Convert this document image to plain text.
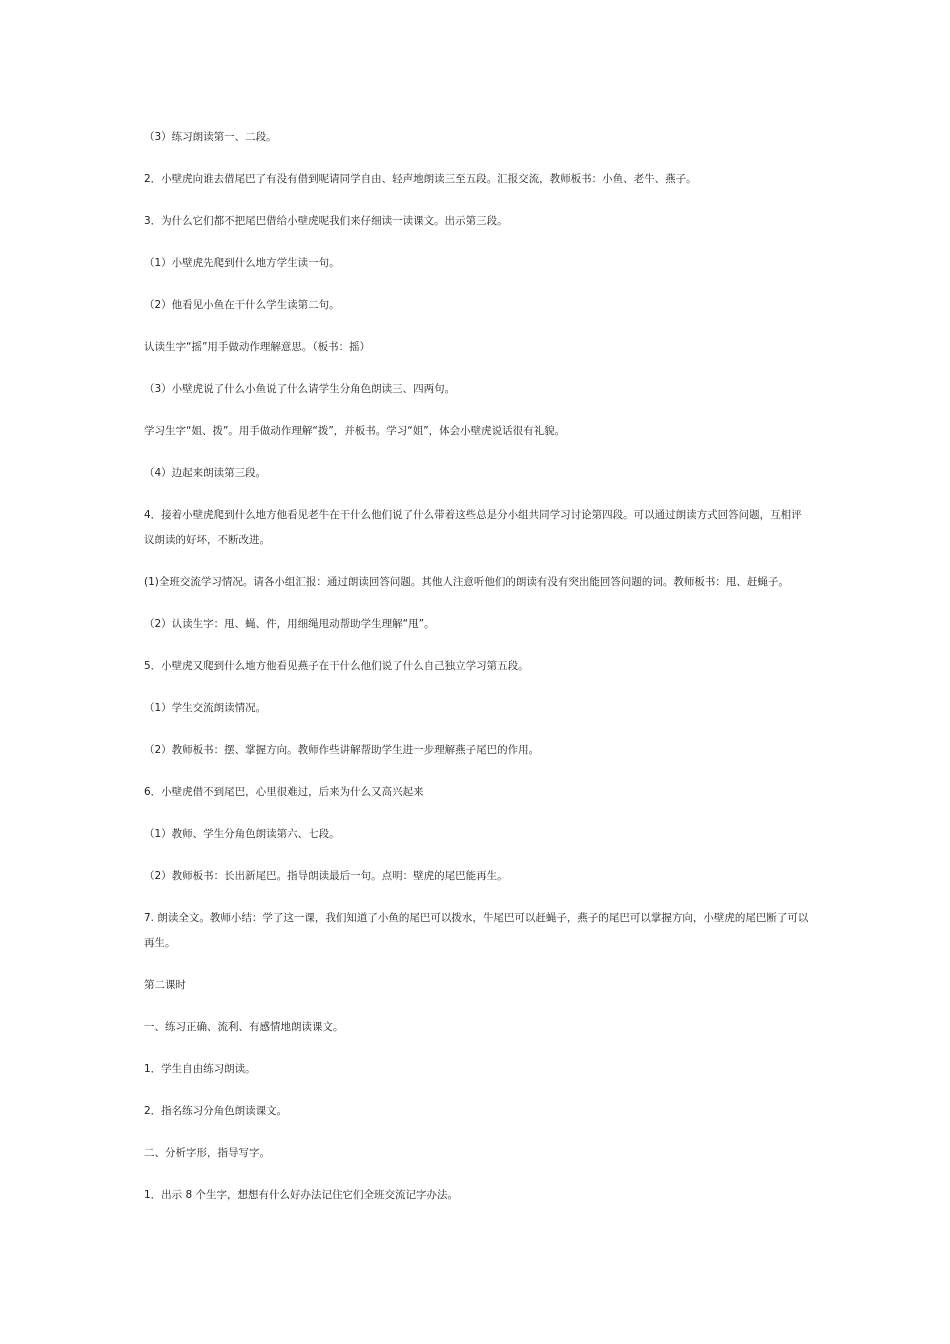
（3）练习朗读第一、二段。

2．小壁虎向谁去借尾巴了有没有借到呢请同学自由、轻声地朗读三至五段。汇报交流，教师板书：小鱼、老牛、燕子。

3．为什么它们都不把尾巴借给小壁虎呢我们来仔细读一读课文。出示第三段。

（1）小壁虎先爬到什么地方学生读一句。

（2）他看见小鱼在干什么学生读第二句。

认读生字“摇”用手做动作理解意思。（板书：摇）

（3）小壁虎说了什么小鱼说了什么请学生分角色朗读三、四两句。

学习生字“姐、拨”。用手做动作理解“拨”，并板书。学习“姐”，体会小壁虎说话很有礼貌。

（4）边起来朗读第三段。

4．接着小壁虎爬到什么地方他看见老牛在干什么他们说了什么带着这些总是分小组共同学习讨论第四段。可以通过朗读方式回答问题，互相评议朗读的好坏，不断改进。

(1)全班交流学习情况。请各小组汇报：通过朗读回答问题。其他人注意听他们的朗读有没有突出能回答问题的词。教师板书：甩、赶蝇子。

（2）认读生字：甩、蝇、件，用细绳甩动帮助学生理解“甩”。

5．小壁虎又爬到什么地方他看见燕子在干什么他们说了什么自己独立学习第五段。

（1）学生交流朗读情况。

（2）教师板书：摆、掌握方向。教师作些讲解帮助学生进一步理解燕子尾巴的作用。

6．小壁虎借不到尾巴，心里很难过，后来为什么又高兴起来

（1）教师、学生分角色朗读第六、七段。

（2）教师板书：长出新尾巴。指导朗读最后一句。点明：壁虎的尾巴能再生。

7. 朗读全文。教师小结：学了这一课，我们知道了小鱼的尾巴可以拨水，牛尾巴可以赶蝇子，燕子的尾巴可以掌握方向，小壁虎的尾巴断了可以再生。

第二课时

一、练习正确、流利、有感情地朗读课文。

1．学生自由练习朗读。

2．指名练习分角色朗读课文。

二、分析字形，指导写字。

1．出示 8 个生字，想想有什么好办法记住它们全班交流记字办法。
